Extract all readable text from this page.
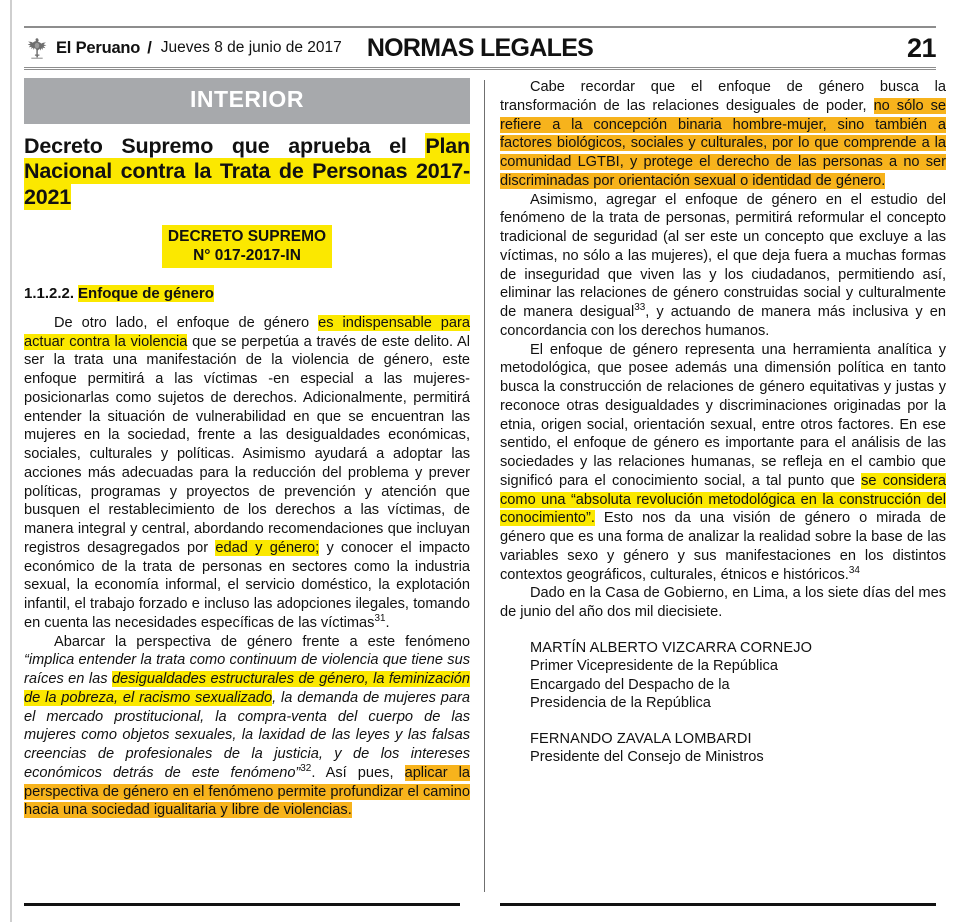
El Peruano / Jueves 8 de junio de 2017 NORMAS LEGALES	21
INTERIOR
Decreto Supremo que aprueba el Plan Nacional contra la Trata de Personas 2017-2021
DECRETO SUPREMO
N° 017-2017-IN
1.1.2.2. Enfoque de género

De otro lado, el enfoque de género es indispensable para actuar contra la violencia que se perpetúa a través de este delito. Al ser la trata una manifestación de la violencia de género, este enfoque permitirá a las víctimas -en especial a las mujeres- posicionarlas como sujetos de derechos. Adicionalmente, permitirá entender la situación de vulnerabilidad en que se encuentran las mujeres en la sociedad, frente a las desigualdades económicas, sociales, culturales y políticas. Asimismo ayudará a adoptar las acciones más adecuadas para la reducción del problema y prever políticas, programas y proyectos de prevención y atención que busquen el restablecimiento de los derechos a las víctimas, de manera integral y central, abordando recomendaciones que incluyan registros desagregados por edad y género; y conocer el impacto económico de la trata de personas en sectores como la industria sexual, la economía informal, el servicio doméstico, la explotación infantil, el trabajo forzado e incluso las adopciones ilegales, tomando en cuenta las necesidades específicas de las víctimas$^{31}$.

Abarcar la perspectiva de género frente a este fenómeno “implica entender la trata como continuum de violencia que tiene sus raíces en las desigualdades estructurales de género, la feminización de la pobreza, el racismo sexualizado, la demanda de mujeres para el mercado prostitucional, la compra-venta del cuerpo de las mujeres como objetos sexuales, la laxidad de las leyes y las falsas creencias de profesionales de la justicia, y de los intereses económicos detrás de este fenómeno”$^{32}$. Así pues, aplicar la perspectiva de género en el fenómeno permite profundizar el camino hacia una sociedad igualitaria y libre de violencias.

Cabe recordar que el enfoque de género busca la transformación de las relaciones desiguales de poder, no sólo se refiere a la concepción binaria hombre-mujer, sino también a factores biológicos, sociales y culturales, por lo que comprende a la comunidad LGTBI, y protege el derecho de las personas a no ser discriminadas por orientación sexual o identidad de género.

Asimismo, agregar el enfoque de género en el estudio del fenómeno de la trata de personas, permitirá reformular el concepto tradicional de seguridad (al ser este un concepto que excluye a las víctimas, no sólo a las mujeres), el que deja fuera a muchas formas de inseguridad que viven las y los ciudadanos, permitiendo así, eliminar las relaciones de género construidas social y culturalmente de manera desigual$^{33}$, y actuando de manera más inclusiva y en concordancia con los derechos humanos.

El enfoque de género representa una herramienta analítica y metodológica, que posee además una dimensión política en tanto busca la construcción de relaciones de género equitativas y justas y reconoce otras desigualdades y discriminaciones originadas por la etnia, origen social, orientación sexual, entre otros factores. En ese sentido, el enfoque de género es importante para el análisis de las sociedades y las relaciones humanas, se refleja en el cambio que significó para el conocimiento social, a tal punto que se considera como una “absoluta revolución metodológica en la construcción del conocimiento”. Esto nos da una visión de género o mirada de género que es una forma de analizar la realidad sobre la base de las variables sexo y género y sus manifestaciones en los distintos contextos geográficos, culturales, étnicos e históricos.$^{34}$

Dado en la Casa de Gobierno, en Lima, a los siete días del mes de junio del año dos mil diecisiete.

MARTÍN ALBERTO VIZCARRA CORNEJO
Primer Vicepresidente de la República
Encargado del Despacho de la
Presidencia de la República
FERNANDO ZAVALA LOMBARDI
Presidente del Consejo de Ministros
